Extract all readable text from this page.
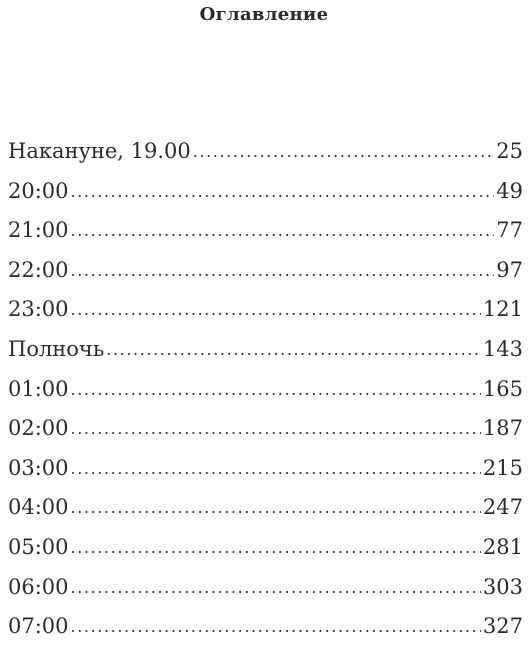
Оглавление
Накануне, 19.00 .....	25
20:00 .....	49
21:00 .....	77
22:00 .....	97
23:00 .....	121
Полночь .....	143
01:00 .....	165
02:00 .....	187
03:00 .....	215
04:00 .....	247
05:00 .....	281
06:00 .....	303
07:00 .....	327
